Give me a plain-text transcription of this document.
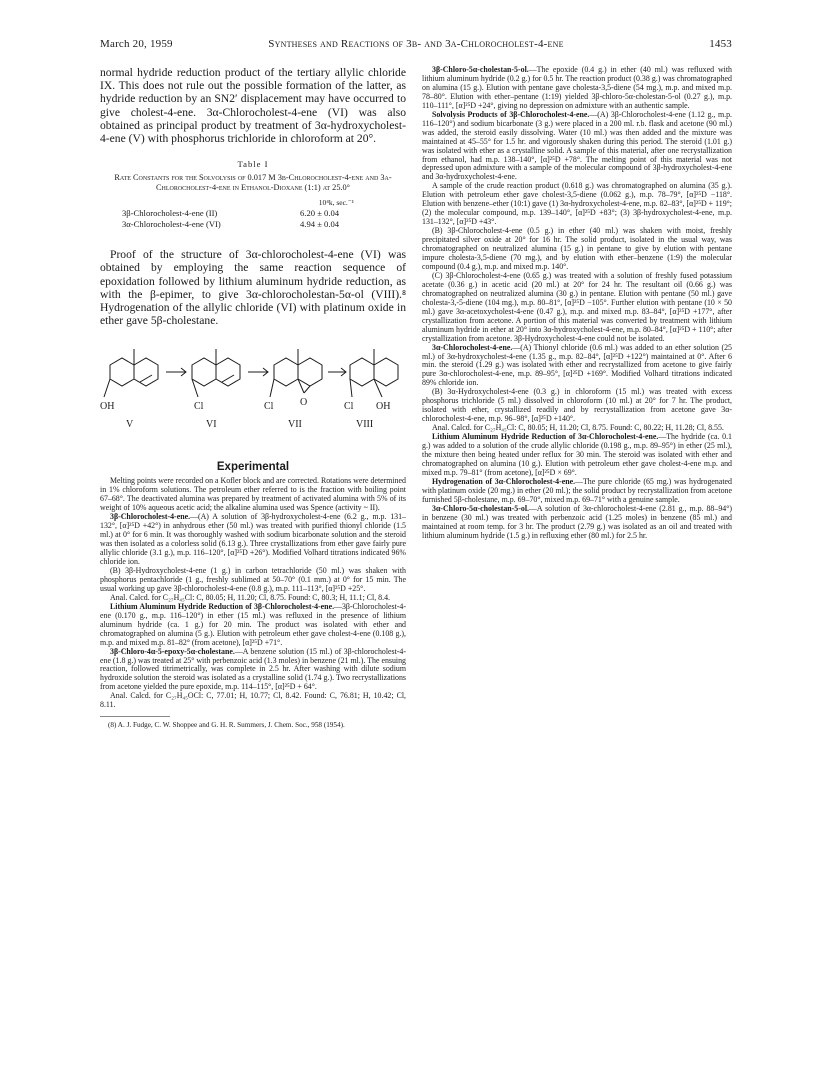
March 20, 1959	Syntheses and Reactions of 3β- and 3α-Chlorocholest-4-ene	1453

normal hydride reduction product of the tertiary allylic chloride IX. This does not rule out the possible formation of the latter, as hydride reduction by an SN2′ displacement may have occurred to give cholest-4-ene. 3α-Chlorocholest-4-ene (VI) was also obtained as principal product by treatment of 3α-hydroxycholest-4-ene (V) with phosphorus trichloride in chloroform at 20°.

Table I
Rate Constants for the Solvolysis of 0.017 M 3β-Chlorocholest-4-ene and 3α-Chlorocholest-4-ene in Ethanol-Dioxane (1:1) at 25.0°
10⁴k, sec.⁻¹
3β-Chlorocholest-4-ene (II)	6.20 ± 0.04
3α-Chlorocholest-4-ene (VI)	4.94 ± 0.04

Proof of the structure of 3α-chlorocholest-4-ene (VI) was obtained by employing the same reaction sequence of epoxidation followed by lithium aluminum hydride reduction, as with the β-epimer, to give 3α-chlorocholestan-5α-ol (VIII).⁸ Hydrogenation of the allylic chloride (VI) with platinum oxide in ether gave 5β-cholestane.

OH	Cl	Cl	O	Cl OH
V	VI	VII	VIII
Experimental

Melting points were recorded on a Kofler block and are corrected. Rotations were determined in 1% chloroform solutions. The petroleum ether referred to is the fraction with boiling point 67–68°. The deactivated alumina was prepared by treatment of activated alumina with 5% of its weight of 10% aqueous acetic acid; the alkaline alumina used was Spence (activity ~ II).

3β-Chlorocholest-4-ene.—(A) A solution of 3β-hydroxycholest-4-ene (6.2 g., m.p. 131–132°, [α]²⁵D +42°) in anhydrous ether (50 ml.) was treated with purified thionyl chloride (1.5 ml.) at 0° for 6 min. It was thoroughly washed with sodium bicarbonate solution and the steroid was then isolated as a colorless solid (6.13 g.). Three crystallizations from ether gave fairly pure allylic chloride (3.1 g.), m.p. 116–120°, [α]²⁵D +26°). Modified Volhard titrations indicated 96% chloride ion.

(B) 3β-Hydroxycholest-4-ene (1 g.) in carbon tetrachloride (50 ml.) was shaken with phosphorus pentachloride (1 g., freshly sublimed at 50–70° (0.1 mm.) at 0° for 15 min. The usual working up gave 3β-chlorocholest-4-ene (0.8 g.), m.p. 111–113°, [α]²⁵D +25°.

Anal. Calcd. for C₂₇H₄₅Cl: C, 80.05; H, 11.20; Cl, 8.75. Found: C, 80.3; H, 11.1; Cl, 8.4.

Lithium Aluminum Hydride Reduction of 3β-Chlorocholest-4-ene.—3β-Chlorocholest-4-ene (0.170 g., m.p. 116–120°) in ether (15 ml.) was refluxed in the presence of lithium aluminum hydride (ca. 1 g.) for 20 min. The product was isolated with ether and chromatographed on alumina (5 g.). Elution with petroleum ether gave cholest-4-ene (0.108 g.), m.p. and mixed m.p. 81–82° (from acetone), [α]²⁵D +71°.

3β-Chloro-4α-5-epoxy-5α-cholestane.—A benzene solution (15 ml.) of 3β-chlorocholest-4-ene (1.8 g.) was treated at 25° with perbenzoic acid (1.3 moles) in benzene (21 ml.). The ensuing reaction, followed titrimetrically, was complete in 2.5 hr. After washing with dilute sodium hydroxide solution the steroid was isolated as a crystalline solid (1.74 g.). Two recrystallizations from acetone yielded the pure epoxide, m.p. 114–115°, [α]²⁵D + 64°.

Anal. Calcd. for C₂₇H₄₅OCl: C, 77.01; H, 10.77; Cl, 8.42. Found: C, 76.81; H, 10.42; Cl, 8.11.

(8) A. J. Fudge, C. W. Shoppee and G. H. R. Summers, J. Chem. Soc., 958 (1954).

3β-Chloro-5α-cholestan-5-ol.—The epoxide (0.4 g.) in ether (40 ml.) was refluxed with lithium aluminum hydride (0.2 g.) for 0.5 hr. The reaction product (0.38 g.) was chromatographed on alumina (15 g.). Elution with pentane gave cholesta-3,5-diene (54 mg.), m.p. and mixed m.p. 78–80°. Elution with ether–pentane (1:19) yielded 3β-chloro-5α-cholestan-5-ol (0.27 g.), m.p. 110–111°, [α]²⁵D +24°, giving no depression on admixture with an authentic sample.

Solvolysis Products of 3β-Chlorocholest-4-ene.—(A) 3β-Chlorocholest-4-ene (1.12 g., m.p. 116–120°) and sodium bicarbonate (3 g.) were placed in a 200 ml. r.b. flask and acetone (90 ml.) was added, the steroid easily dissolving. Water (10 ml.) was then added and the mixture was maintained at 45–55° for 1.5 hr. and vigorously shaken during this period. The steroid (1.01 g.) was isolated with ether as a crystalline solid. A sample of this material, after one recrystallization from ethanol, had m.p. 138–140°, [α]²⁵D +78°. The melting point of this material was not depressed upon admixture with a sample of the molecular compound of 3β-hydroxycholest-4-ene and 3α-hydroxycholest-4-ene.

A sample of the crude reaction product (0.618 g.) was chromatographed on alumina (35 g.). Elution with petroleum ether gave cholest-3,5-diene (0.062 g.), m.p. 78–79°, [α]²⁵D −118°. Elution with benzene–ether (10:1) gave (1) 3α-hydroxycholest-4-ene, m.p. 82–83°, [α]²⁵D + 119°; (2) the molecular compound, m.p. 139–140°, [α]²⁵D +83°; (3) 3β-hydroxycholest-4-ene, m.p. 131–132°, [α]²⁵D +43°.

(B) 3β-Chlorocholest-4-ene (0.5 g.) in ether (40 ml.) was shaken with moist, freshly precipitated silver oxide at 20° for 16 hr. The solid product, isolated in the usual way, was chromatographed on neutralized alumina (15 g.) in pentane to give by elution with pentane impure cholesta-3,5-diene (70 mg.), and by elution with ether–benzene (1:9) the molecular compound (0.4 g.), m.p. and mixed m.p. 140°.

(C) 3β-Chlorocholest-4-ene (0.65 g.) was treated with a solution of freshly fused potassium acetate (0.36 g.) in acetic acid (20 ml.) at 20° for 24 hr. The resultant oil (0.66 g.) was chromatographed on neutralized alumina (30 g.) in pentane. Elution with pentane (50 ml.) gave cholesta-3,-5-diene (104 mg.), m.p. 80–81°, [α]²⁵D −105°. Further elution with pentane (10 × 50 ml.) gave 3α-acetoxycholest-4-ene (0.47 g.), m.p. and mixed m.p. 83–84°, [α]²⁵D +177°, after crystallization from acetone. A portion of this material was converted by treatment with lithium aluminum hydride in ether at 20° into 3α-hydroxycholest-4-ene, m.p. 80–84°, [α]²⁵D + 110°; after crystallization from acetone. 3β-Hydroxycholest-4-ene could not be isolated.

3α-Chlorocholest-4-ene.—(A) Thionyl chloride (0.6 ml.) was added to an ether solution (25 ml.) of 3α-hydroxycholest-4-ene (1.35 g., m.p. 82–84°, [α]²⁵D +122°) maintained at 0°. After 6 min. the steroid (1.29 g.) was isolated with ether and recrystallized from acetone to give fairly pure 3α-chlorocholest-4-ene, m.p. 89–95°, [α]²⁵D +169°. Modified Volhard titrations indicated 89% chloride ion.

(B) 3α-Hydroxycholest-4-ene (0.3 g.) in chloroform (15 ml.) was treated with excess phosphorus trichloride (5 ml.) dissolved in chloroform (10 ml.) at 20° for 7 hr. The product, isolated with ether, crystallized readily and by recrystallization from acetone gave 3α-chlorocholest-4-ene, m.p. 96–98°, [α]²⁵D +140°.

Anal. Calcd. for C₂₇H₄₅Cl: C, 80.05; H, 11.20; Cl, 8.75. Found: C, 80.22; H, 11.28; Cl, 8.55.

Lithium Aluminum Hydride Reduction of 3α-Chlorocholest-4-ene.—The hydride (ca. 0.1 g.) was added to a solution of the crude allylic chloride (0.198 g., m.p. 89–95°) in ether (25 ml.), the mixture then being heated under reflux for 30 min. The steroid was isolated with ether and chromatographed on alumina (10 g.). Elution with petroleum ether gave cholest-4-ene m.p. and mixed m.p. 79–81° (from acetone), [α]²⁵D × 69°.

Hydrogenation of 3α-Chlorocholest-4-ene.—The pure chloride (65 mg.) was hydrogenated with platinum oxide (20 mg.) in ether (20 ml.); the solid product by recrystallization from acetone furnished 5β-cholestane, m.p. 69–70°, mixed m.p. 69–71° with a genuine sample.

3α-Chloro-5α-cholestan-5-ol.—A solution of 3α-chlorocholest-4-ene (2.81 g., m.p. 88–94°) in benzene (30 ml.) was treated with perbenzoic acid (1.25 moles) in benzene (85 ml.) and maintained at room temp. for 3 hr. The product (2.79 g.) was isolated as an oil and treated with lithium aluminum hydride (1.5 g.) in refluxing ether (80 ml.) for 2.5 hr.
